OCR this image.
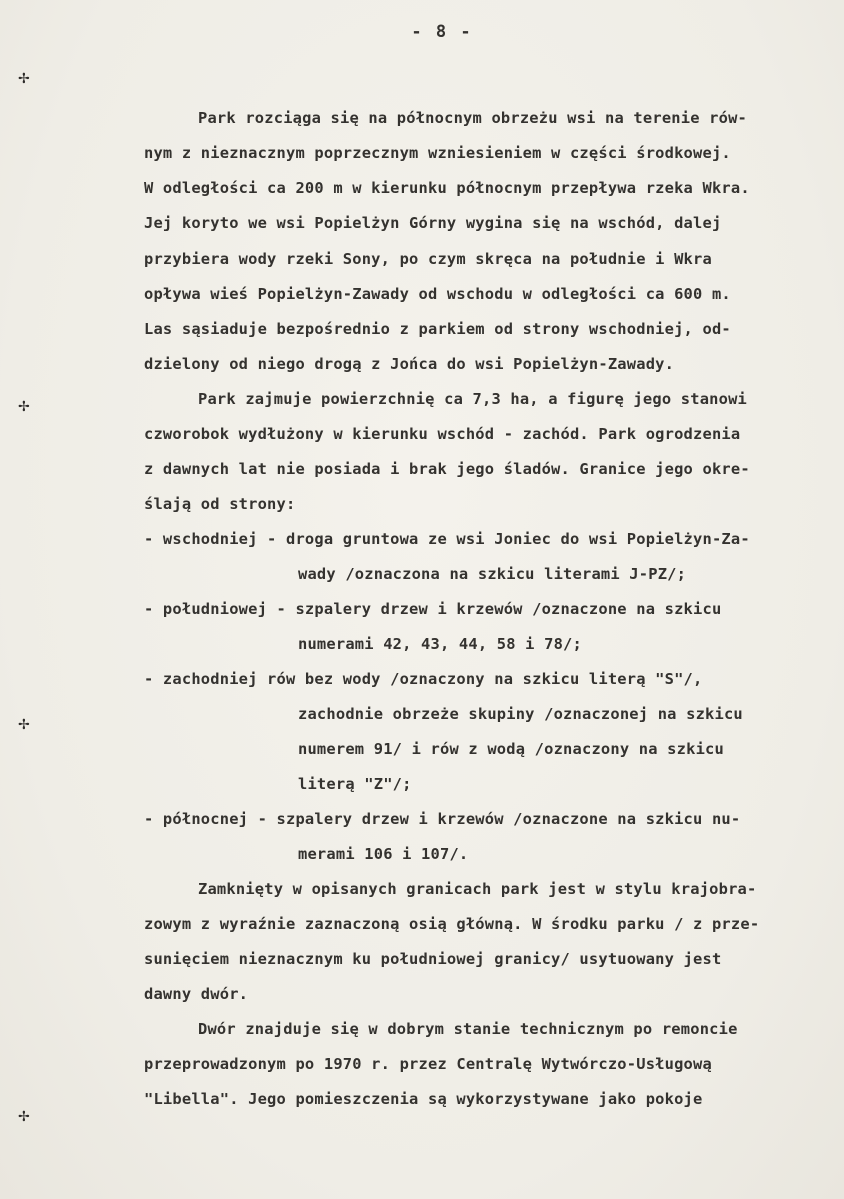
- 8 -
✢
✢
✢
✢
Park rozciąga się na północnym obrzeżu wsi na terenie rów-
nym z nieznacznym poprzecznym wzniesieniem w części środkowej.
W odległości ca 200 m w kierunku północnym przepływa rzeka Wkra.
Jej koryto we wsi Popielżyn Górny wygina się na wschód, dalej
przybiera wody rzeki Sony, po czym skręca na południe i Wkra
opływa wieś Popielżyn-Zawady od wschodu w odległości ca 600 m.
Las sąsiaduje bezpośrednio z parkiem od strony wschodniej, od-
dzielony od niego drogą z Jońca do wsi Popielżyn-Zawady.
Park zajmuje powierzchnię ca 7,3 ha, a figurę jego stanowi
czworobok wydłużony w kierunku wschód - zachód. Park ogrodzenia
z dawnych lat nie posiada i brak jego śladów. Granice jego okre-
ślają od strony:
- wschodniej - droga gruntowa ze wsi Joniec do wsi Popielżyn-Za-
wady /oznaczona na szkicu literami J-PZ/;
- południowej - szpalery drzew i krzewów /oznaczone na szkicu
numerami 42, 43, 44, 58 i 78/;
- zachodniej rów bez wody /oznaczony na szkicu literą "S"/,
zachodnie obrzeże skupiny /oznaczonej na szkicu
numerem 91/ i rów z wodą /oznaczony na szkicu
literą "Z"/;
- północnej - szpalery drzew i krzewów /oznaczone na szkicu nu-
merami 106 i 107/.
Zamknięty w opisanych granicach park jest w stylu krajobra-
zowym z wyraźnie zaznaczoną osią główną. W środku parku / z prze-
sunięciem nieznacznym ku południowej granicy/ usytuowany jest
dawny dwór.
Dwór znajduje się w dobrym stanie technicznym po remoncie
przeprowadzonym po 1970 r. przez Centralę Wytwórczo-Usługową
"Libella". Jego pomieszczenia są wykorzystywane jako pokoje
